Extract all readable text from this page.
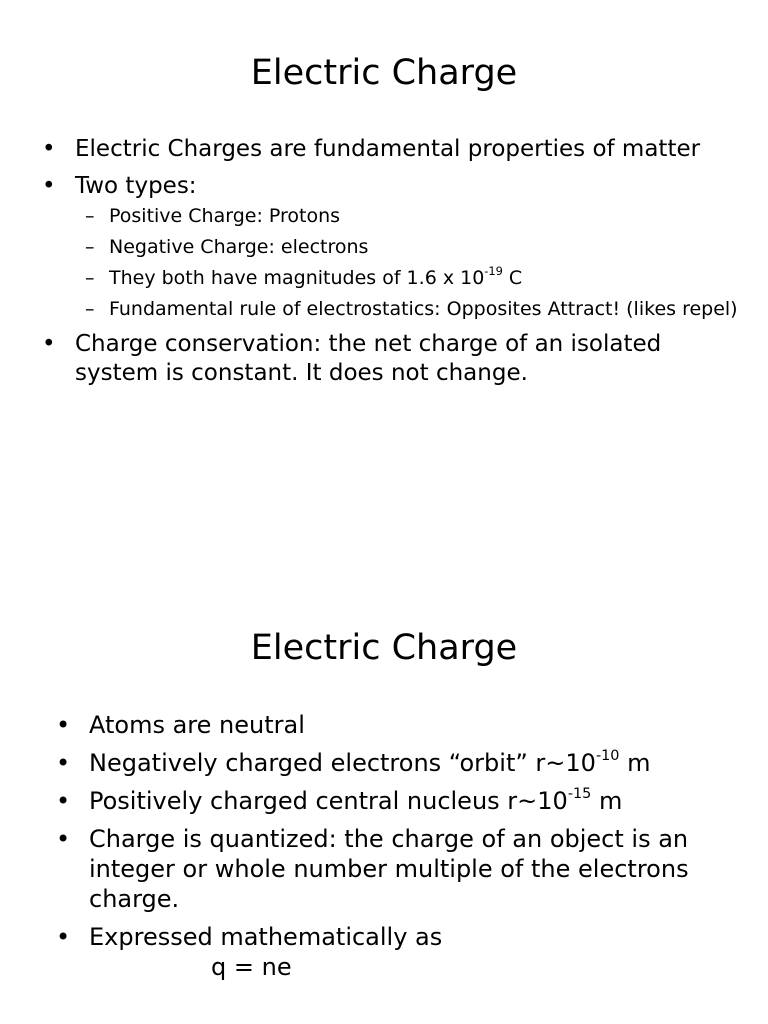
Electric Charge
• Electric Charges are fundamental properties of matter
• Two types:
– Positive Charge: Protons
– Negative Charge: electrons
– They both have magnitudes of 1.6 x $10^{-19}$ C
– Fundamental rule of electrostatics: Opposites Attract! (likes repel)
• Charge conservation: the net charge of an isolated system is constant. It does not change.
Electric Charge
• Atoms are neutral
• Negatively charged electrons “orbit” $r\sim 10^{-10}$ m
• Positively charged central nucleus $r\sim 10^{-15}$ m
• Charge is quantized: the charge of an object is an integer or whole number multiple of the electrons charge.
• Expressed mathematically as
q = ne
